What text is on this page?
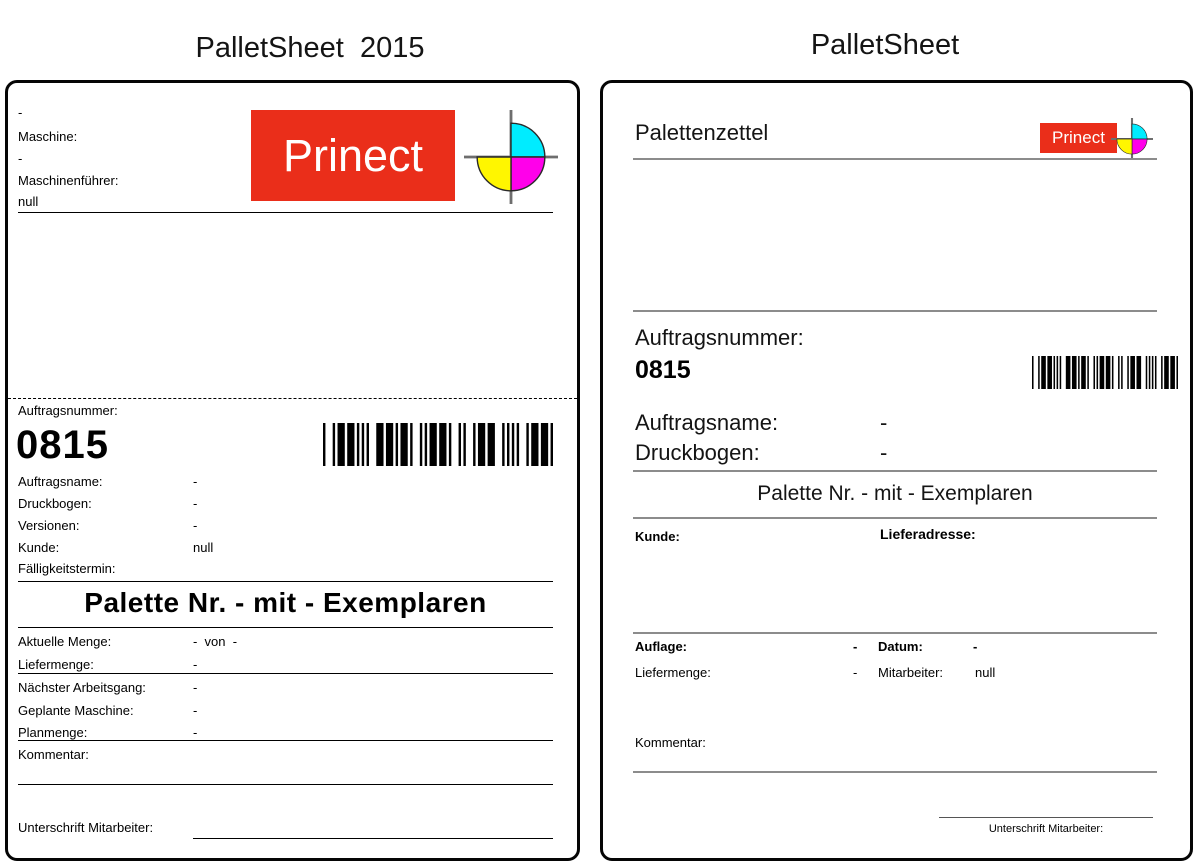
PalletSheet  2015	PalletSheet
-
Maschine:
-
Maschinenführer:
null
Prinect
Auftragsnummer:
0815
Auftragsname:	-
Druckbogen:	-
Versionen:	-
Kunde:	null
Fälligkeitstermin:
Palette Nr. - mit - Exemplaren
Aktuelle Menge:	-  von  -
Liefermenge:	-
Nächster Arbeitsgang:	-
Geplante Maschine:	-
Planmenge:	-
Kommentar:
Unterschrift Mitarbeiter:
Palettenzettel	Prinect
Auftragsnummer:
0815
Auftragsname:	-
Druckbogen:	-
Palette Nr. - mit - Exemplaren
Kunde:	Lieferadresse:
Auflage:	- Datum:	-
Liefermenge:	- Mitarbeiter: null
Kommentar:
Unterschrift Mitarbeiter:
